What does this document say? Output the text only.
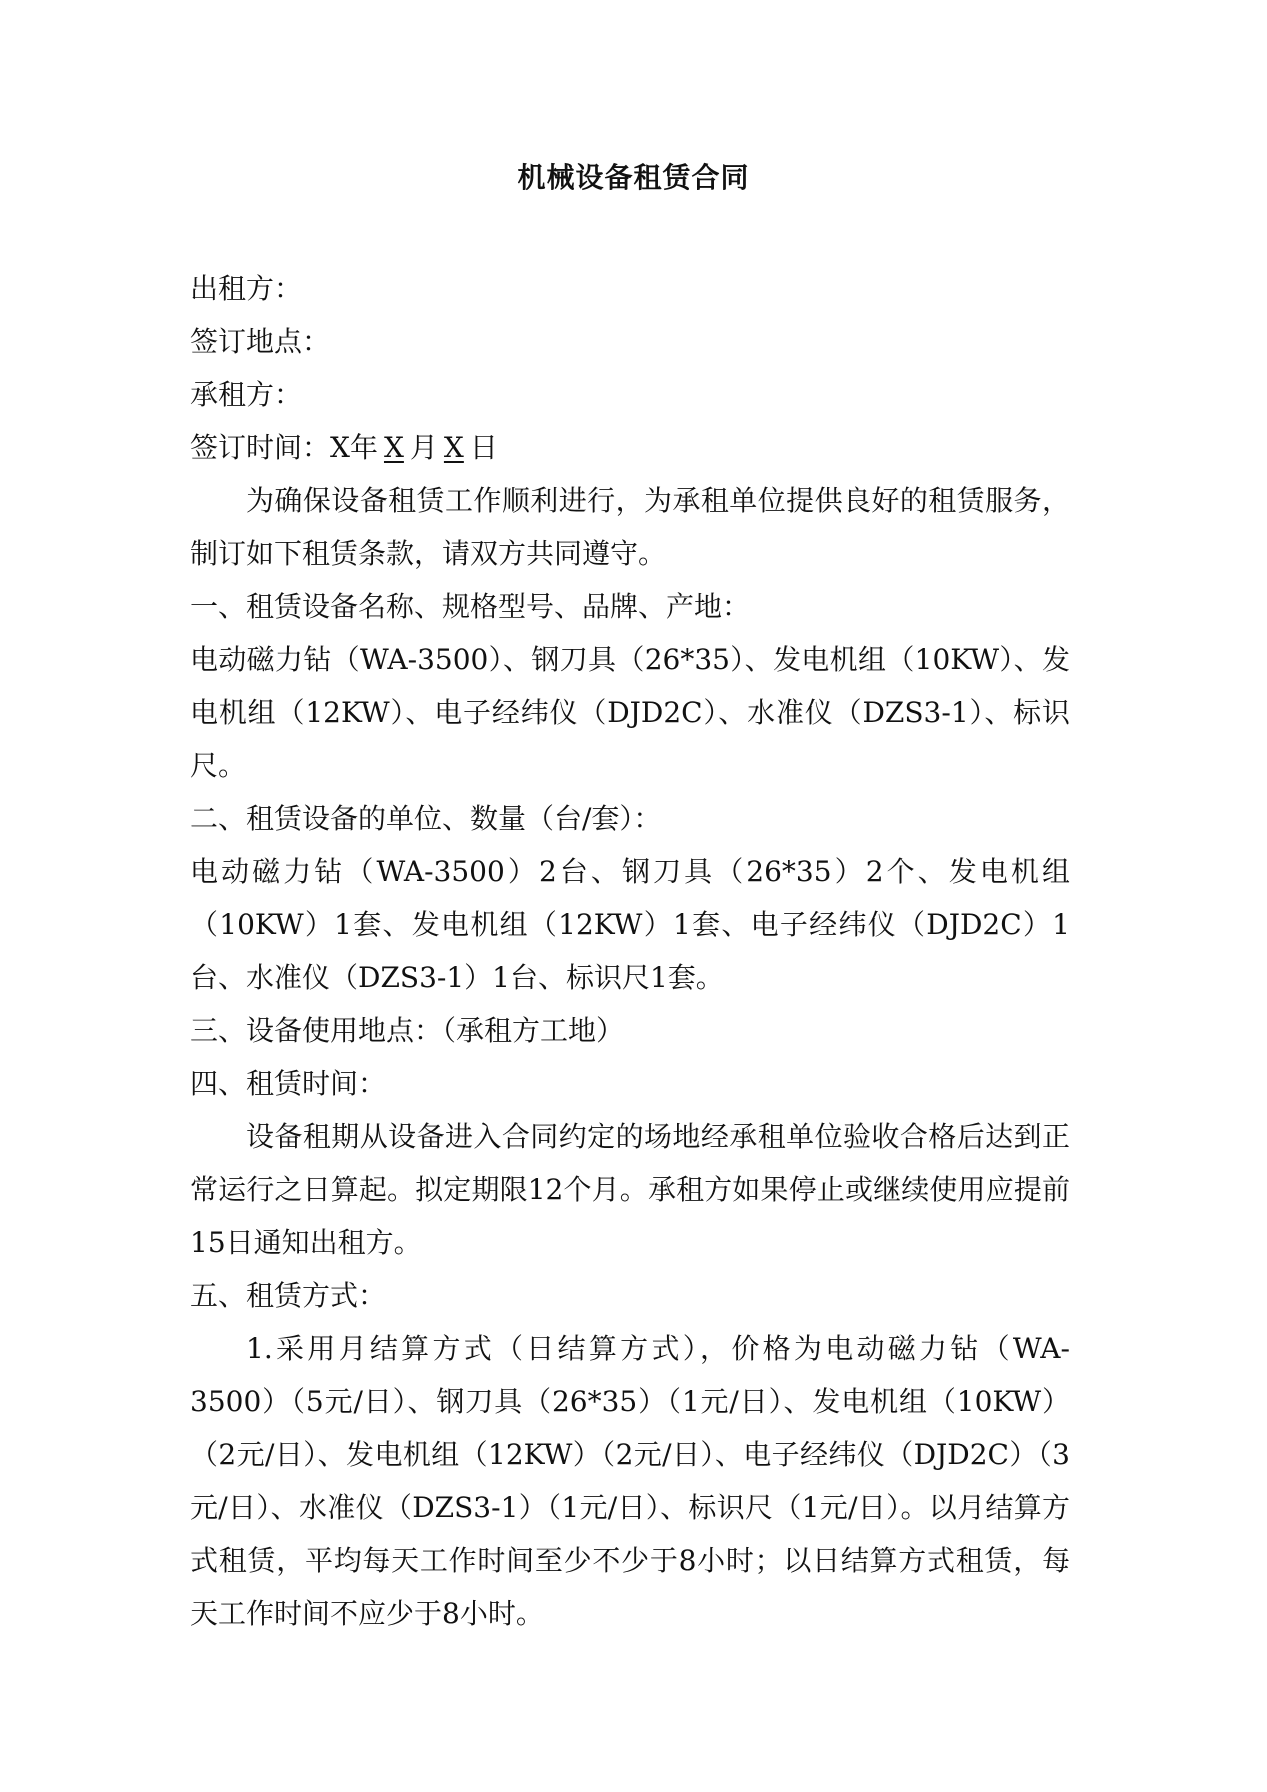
机械设备租赁合同

出租方：

签订地点：

承租方：

签订时间：X年 X 月 X 日

为确保设备租赁工作顺利进行，为承租单位提供良好的租赁服务，制订如下租赁条款，请双方共同遵守。

一、租赁设备名称、规格型号、品牌、产地：

电动磁力钻（WA-3500）、钢刀具（26*35）、发电机组（10KW）、发电机组（12KW）、电子经纬仪（DJD2C）、水准仪（DZS3-1）、标识尺。

二、租赁设备的单位、数量（台/套）：

电动磁力钻（WA-3500）2台、钢刀具（26*35）2个、发电机组（10KW）1套、发电机组（12KW）1套、电子经纬仪（DJD2C）1台、水准仪（DZS3-1）1台、标识尺1套。

三、设备使用地点：（承租方工地）

四、租赁时间：

设备租期从设备进入合同约定的场地经承租单位验收合格后达到正常运行之日算起。拟定期限12个月。承租方如果停止或继续使用应提前15日通知出租方。

五、租赁方式：

1.采用月结算方式（日结算方式），价格为电动磁力钻（WA-3500）（5元/日）、钢刀具（26*35）（1元/日）、发电机组（10KW）（2元/日）、发电机组（12KW）（2元/日）、电子经纬仪（DJD2C）（3元/日）、水准仪（DZS3-1）（1元/日）、标识尺（1元/日）。以月结算方式租赁，平均每天工作时间至少不少于8小时；以日结算方式租赁，每天工作时间不应少于8小时。
